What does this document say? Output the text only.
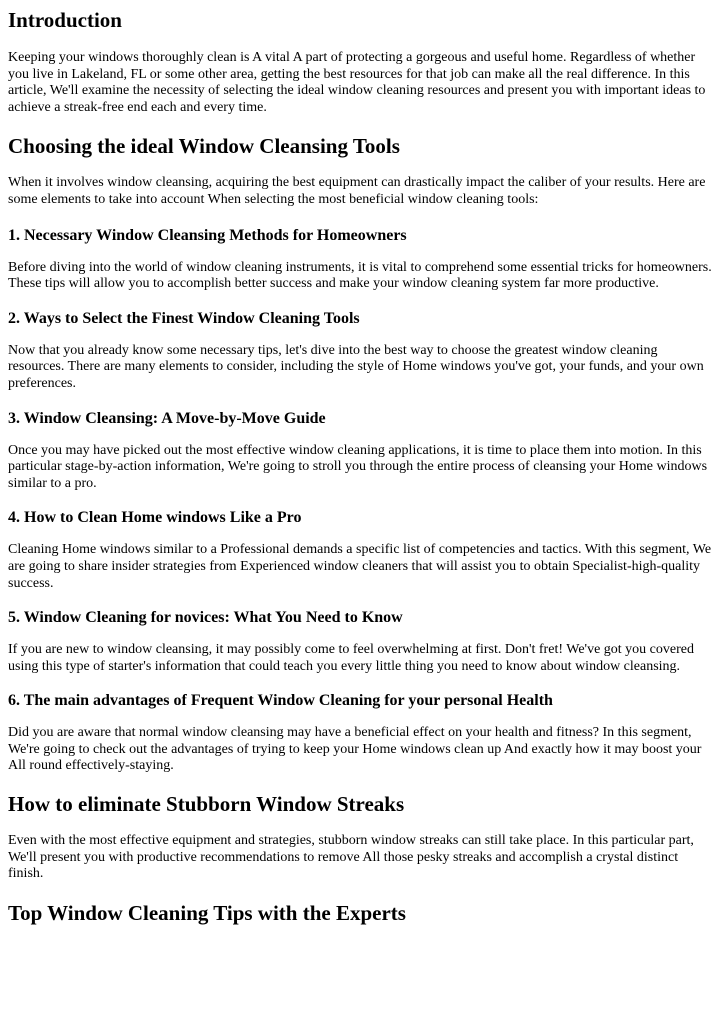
Introduction

Keeping your windows thoroughly clean is A vital A part of protecting a gorgeous and useful home. Regardless of whether you live in Lakeland, FL or some other area, getting the best resources for that job can make all the real difference. In this article, We'll examine the necessity of selecting the ideal window cleaning resources and present you with important ideas to achieve a streak-free end each and every time.

Choosing the ideal Window Cleansing Tools

When it involves window cleansing, acquiring the best equipment can drastically impact the caliber of your results. Here are some elements to take into account When selecting the most beneficial window cleaning tools:

1. Necessary Window Cleansing Methods for Homeowners

Before diving into the world of window cleaning instruments, it is vital to comprehend some essential tricks for homeowners. These tips will allow you to accomplish better success and make your window cleaning system far more productive.

2. Ways to Select the Finest Window Cleaning Tools

Now that you already know some necessary tips, let's dive into the best way to choose the greatest window cleaning resources. There are many elements to consider, including the style of Home windows you've got, your funds, and your own preferences.

3. Window Cleansing: A Move-by-Move Guide

Once you may have picked out the most effective window cleaning applications, it is time to place them into motion. In this particular stage-by-action information, We're going to stroll you through the entire process of cleansing your Home windows similar to a pro.

4. How to Clean Home windows Like a Pro

Cleaning Home windows similar to a Professional demands a specific list of competencies and tactics. With this segment, We are going to share insider strategies from Experienced window cleaners that will assist you to obtain Specialist-high-quality success.

5. Window Cleaning for novices: What You Need to Know

If you are new to window cleansing, it may possibly come to feel overwhelming at first. Don't fret! We've got you covered using this type of starter's information that could teach you every little thing you need to know about window cleansing.

6. The main advantages of Frequent Window Cleaning for your personal Health

Did you are aware that normal window cleansing may have a beneficial effect on your health and fitness? In this segment, We're going to check out the advantages of trying to keep your Home windows clean up And exactly how it may boost your All round effectively-staying.

How to eliminate Stubborn Window Streaks

Even with the most effective equipment and strategies, stubborn window streaks can still take place. In this particular part, We'll present you with productive recommendations to remove All those pesky streaks and accomplish a crystal distinct finish.

Top Window Cleaning Tips with the Experts
